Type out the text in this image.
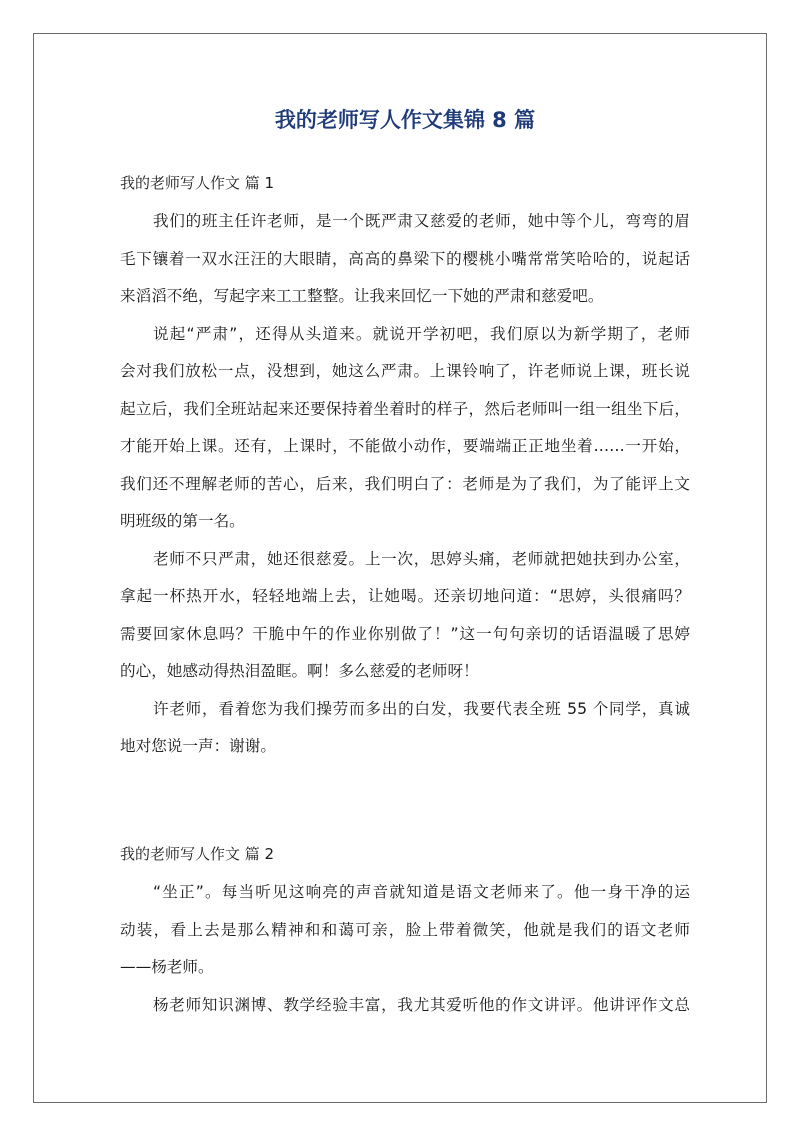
我的老师写人作文集锦 8 篇

我的老师写人作文 篇 1

我们的班主任许老师，是一个既严肃又慈爱的老师，她中等个儿，弯弯的眉
毛下镶着一双水汪汪的大眼睛，高高的鼻梁下的樱桃小嘴常常笑哈哈的，说起话
来滔滔不绝，写起字来工工整整。让我来回忆一下她的严肃和慈爱吧。

说起“严肃”，还得从头道来。就说开学初吧，我们原以为新学期了，老师
会对我们放松一点，没想到，她这么严肃。上课铃响了，许老师说上课，班长说
起立后，我们全班站起来还要保持着坐着时的样子，然后老师叫一组一组坐下后，
才能开始上课。还有，上课时，不能做小动作，要端端正正地坐着……一开始，
我们还不理解老师的苦心，后来，我们明白了：老师是为了我们，为了能评上文
明班级的第一名。

老师不只严肃，她还很慈爱。上一次，思婷头痛，老师就把她扶到办公室，
拿起一杯热开水，轻轻地端上去，让她喝。还亲切地问道：“思婷，头很痛吗？
需要回家休息吗？干脆中午的作业你别做了！”这一句句亲切的话语温暖了思婷
的心，她感动得热泪盈眶。啊！多么慈爱的老师呀！

许老师，看着您为我们操劳而多出的白发，我要代表全班 55 个同学，真诚
地对您说一声：谢谢。

我的老师写人作文 篇 2

“坐正”。每当听见这响亮的声音就知道是语文老师来了。他一身干净的运
动装，看上去是那么精神和和蔼可亲，脸上带着微笑，他就是我们的语文老师
——杨老师。

杨老师知识渊博、教学经验丰富，我尤其爱听他的作文讲评。他讲评作文总
